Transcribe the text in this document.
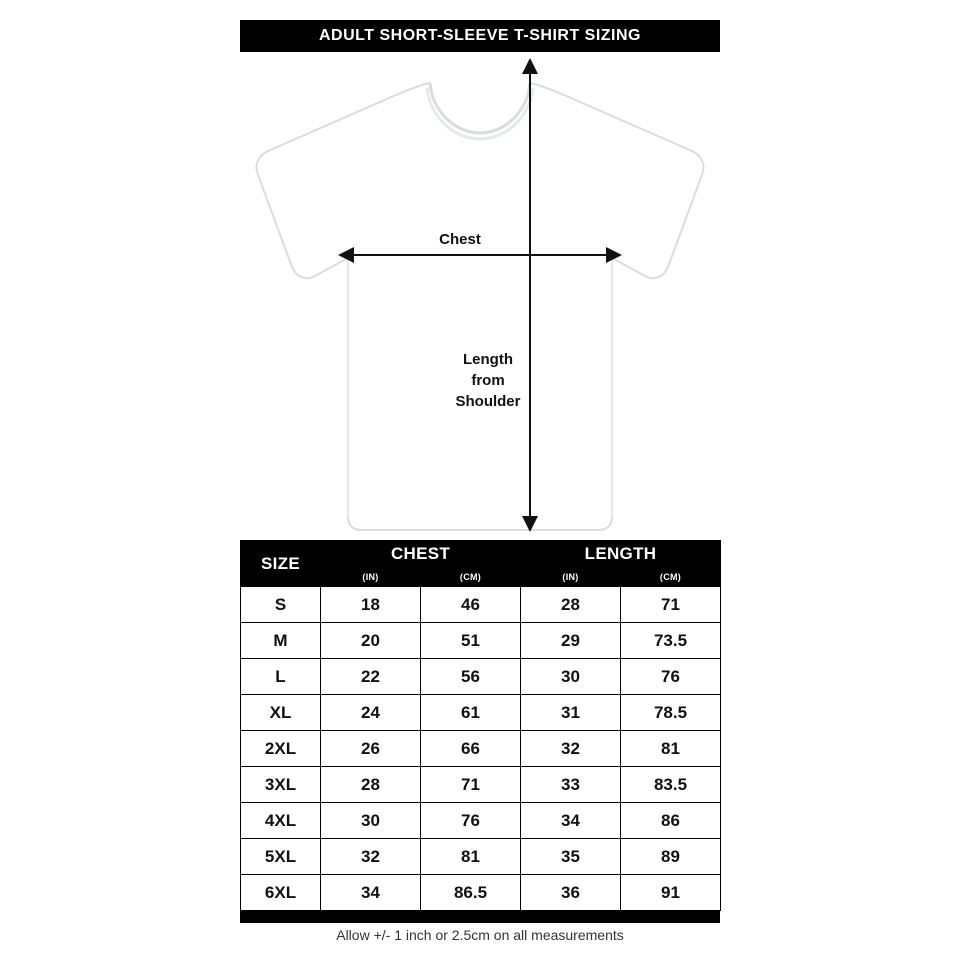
ADULT SHORT-SLEEVE T-SHIRT SIZING
Chest
Length
from
Shoulder
SIZE	CHEST		LENGTH	
	(IN)	(CM)	(IN)	(CM)
S	18	46	28	71
M	20	51	29	73.5
L	22	56	30	76
XL	24	61	31	78.5
2XL	26	66	32	81
3XL	28	71	33	83.5
4XL	30	76	34	86
5XL	32	81	35	89
6XL	34	86.5	36	91
Allow +/- 1 inch or 2.5cm on all measurements
